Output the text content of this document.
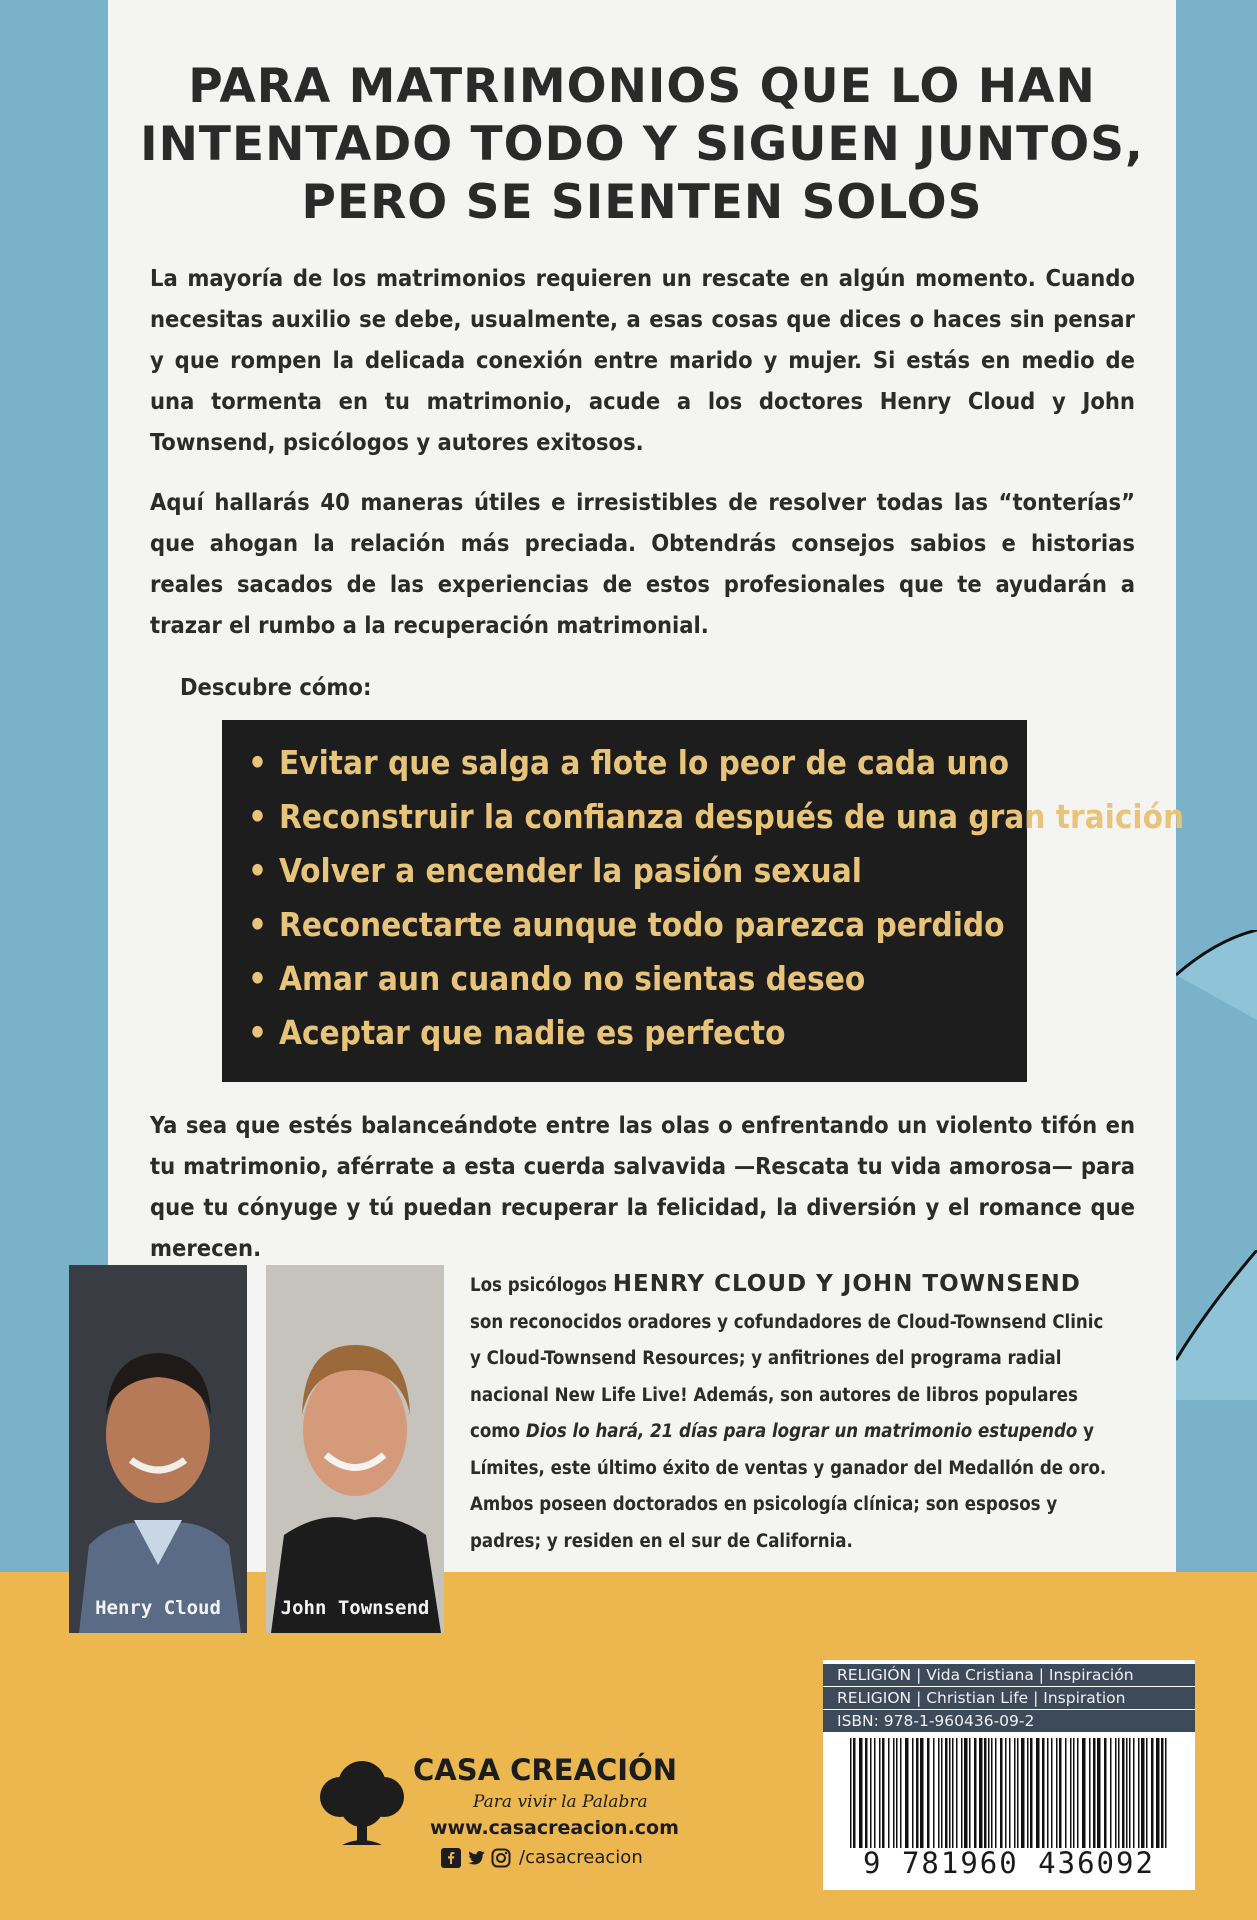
PARA MATRIMONIOS QUE LO HAN
INTENTADO TODO Y SIGUEN JUNTOS,
PERO SE SIENTEN SOLOS

La mayoría de los matrimonios requieren un rescate en algún momento. Cuando necesitas auxilio se debe, usualmente, a esas cosas que dices o haces sin pensar y que rompen la delicada conexión entre marido y mujer. Si estás en medio de una tormenta en tu matrimonio, acude a los doctores Henry Cloud y John Townsend, psicólogos y autores exitosos.

Aquí hallarás 40 maneras útiles e irresistibles de resolver todas las “tonterías” que ahogan la relación más preciada. Obtendrás consejos sabios e historias reales sacados de las experiencias de estos profesionales que te ayudarán a trazar el rumbo a la recuperación matrimonial.

Descubre cómo:
• Evitar que salga a flote lo peor de cada uno
• Reconstruir la confianza después de una gran traición
• Volver a encender la pasión sexual
• Reconectarte aunque todo parezca perdido
• Amar aun cuando no sientas deseo
• Aceptar que nadie es perfecto

Ya sea que estés balanceándote entre las olas o enfrentando un violento tifón en tu matrimonio, aférrate a esta cuerda salvavida —Rescata tu vida amorosa— para que tu cónyuge y tú puedan recuperar la felicidad, la diversión y el romance que merecen.

Henry Cloud	John Townsend
Los psicólogos HENRY CLOUD Y JOHN TOWNSEND son reconocidos oradores y cofundadores de Cloud-Townsend Clinic y Cloud-Townsend Resources; y anfitriones del programa radial nacional New Life Live! Además, son autores de libros populares como Dios lo hará, 21 días para lograr un matrimonio estupendo y Límites, este último éxito de ventas y ganador del Medallón de oro. Ambos poseen doctorados en psicología clínica; son esposos y padres; y residen en el sur de California.
CASA CREACIÓN
Para vivir la Palabra
www.casacreacion.com
/casacreacion
RELIGIÓN | Vida Cristiana | Inspiración
RELIGION | Christian Life | Inspiration
ISBN: 978-1-960436-09-2
9 781960 436092
